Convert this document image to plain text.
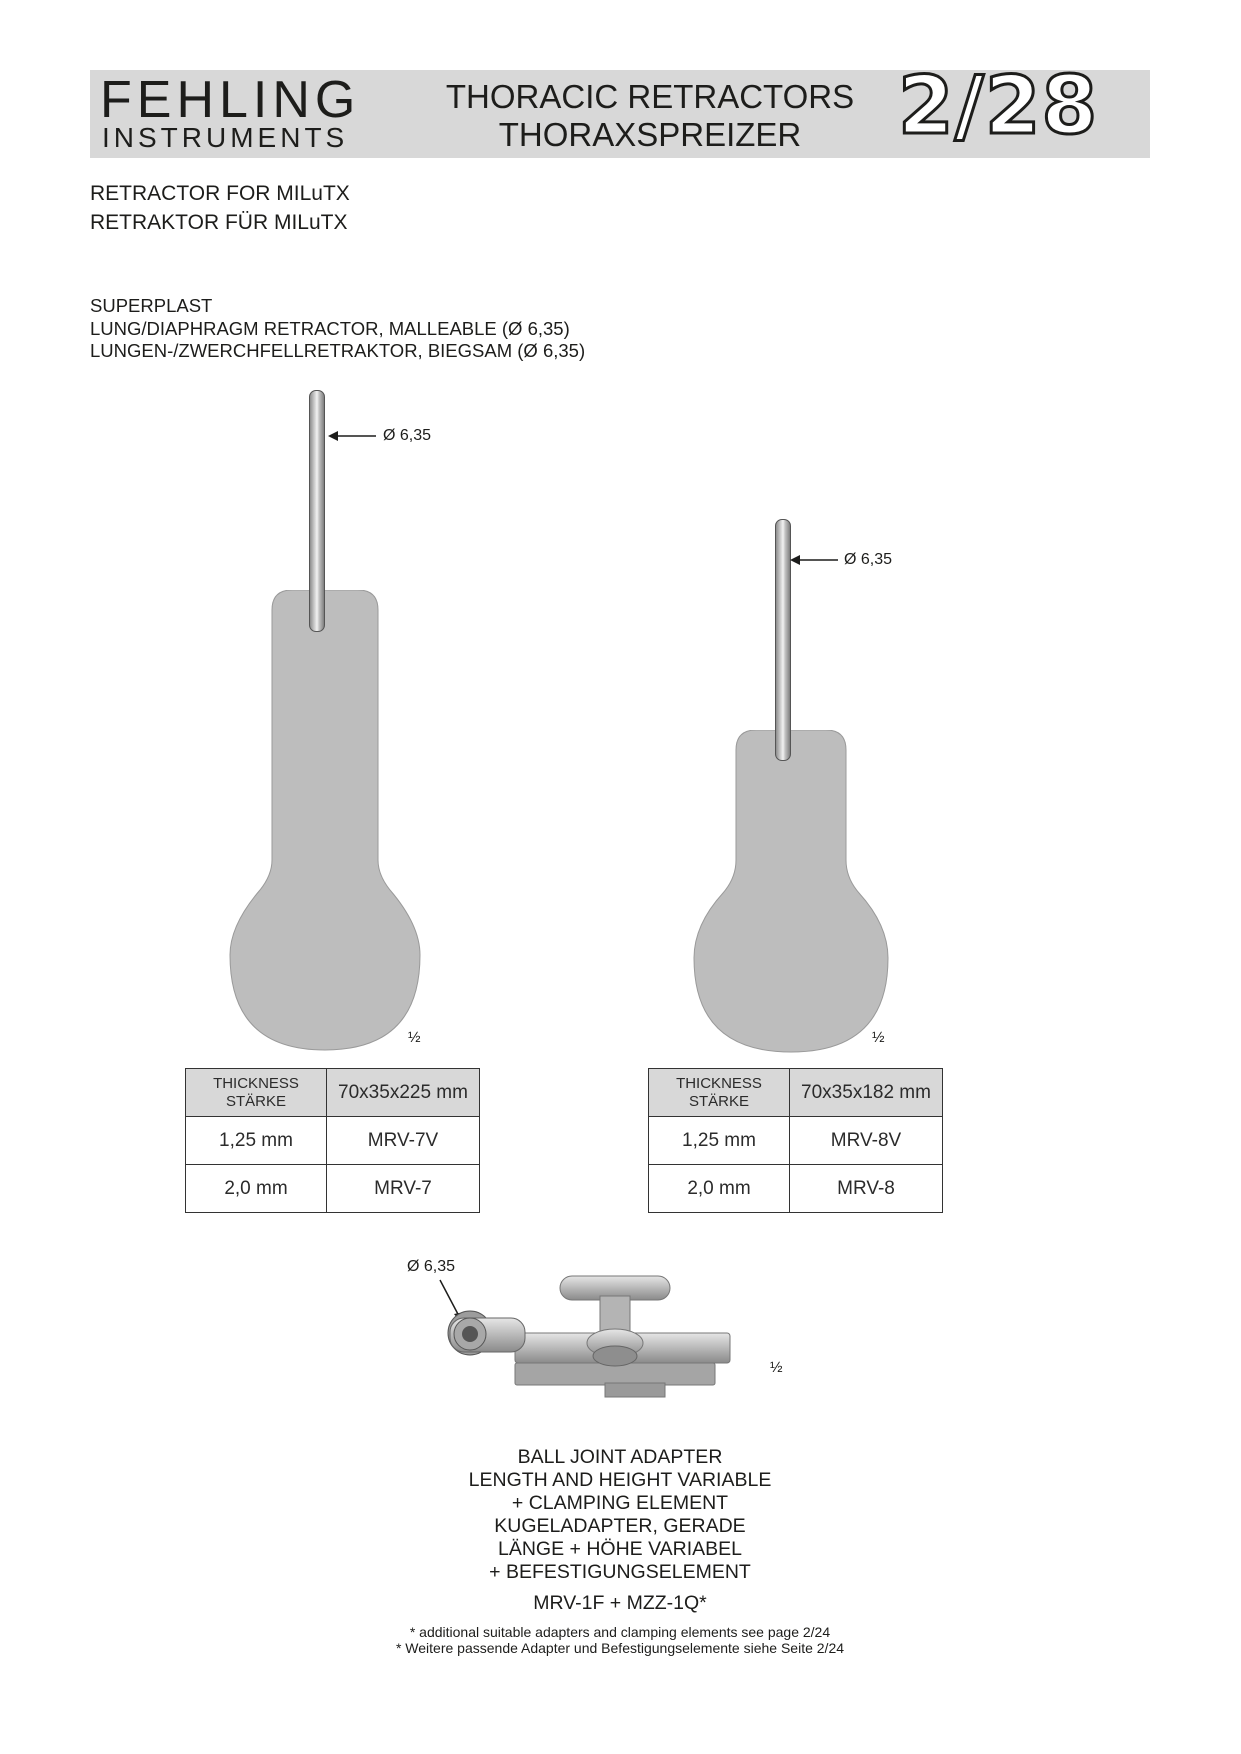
FEHLING
INSTRUMENTS
THORACIC RETRACTORS
THORAXSPREIZER	2/28
RETRACTOR FOR MILuTX
RETRAKTOR FÜR MILuTX
SUPERPLAST
LUNG/DIAPHRAGM RETRACTOR, MALLEABLE (Ø 6,35)
LUNGEN-/ZWERCHFELLRETRAKTOR, BIEGSAM (Ø 6,35)
Ø 6,35
½
Ø 6,35
½
THICKNESS
STÄRKE	70x35x225 mm
1,25 mm	MRV-7V
2,0 mm	MRV-7
THICKNESS
STÄRKE	70x35x182 mm
1,25 mm	MRV-8V
2,0 mm	MRV-8
Ø 6,35
½
BALL JOINT ADAPTER
LENGTH AND HEIGHT VARIABLE
+ CLAMPING ELEMENT
KUGELADAPTER, GERADE
LÄNGE + HÖHE VARIABEL
+ BEFESTIGUNGSELEMENT
MRV-1F + MZZ-1Q*
* additional suitable adapters and clamping elements see page 2/24
* Weitere passende Adapter und Befestigungselemente siehe Seite 2/24
